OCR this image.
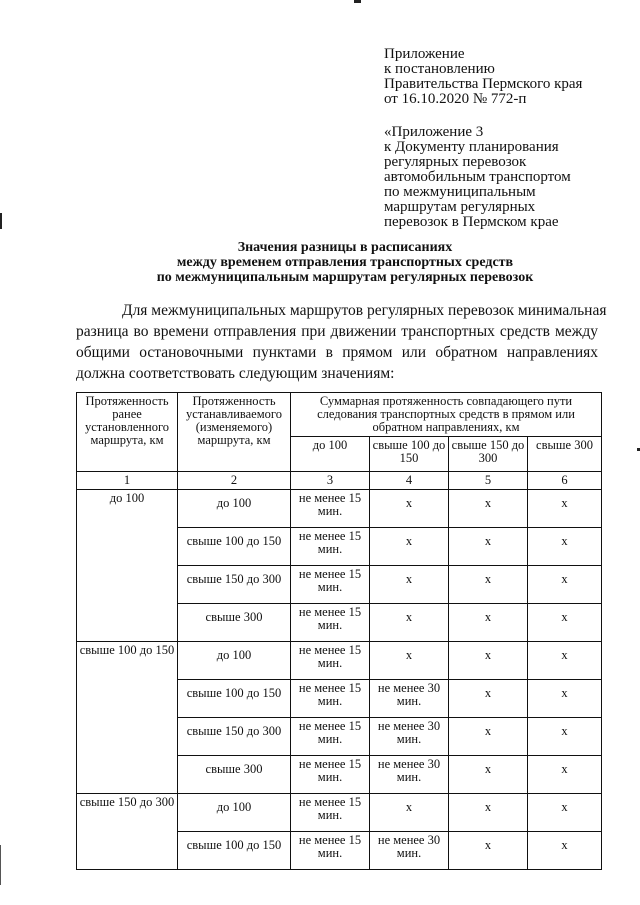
Приложение
к постановлению
Правительства Пермского края
от 16.10.2020 № 772-п
«Приложение 3
к Документу планирования
регулярных перевозок
автомобильным транспортом
по межмуниципальным
маршрутам регулярных
перевозок в Пермском крае
Значения разницы в расписаниях
между временем отправления транспортных средств
по межмуниципальным маршрутам регулярных перевозок
Для межмуниципальных маршрутов регулярных перевозок минимальная
разница во времени отправления при движении транспортных средств между
общими остановочными пунктами в прямом или обратном направлениях
должна соответствовать следующим значениям:
Протяженность ранее установленного маршрута, км	Протяженность устанавливаемого (изменяемого) маршрута, км	Суммарная протяженность совпадающего пути следования транспортных средств в прямом или обратном направлениях, км			
		до 100	свыше 100 до 150	свыше 150 до 300	свыше 300
1	2	3	4	5	6
до 100	до 100	не менее 15 мин.	x	x	x
	свыше 100 до 150	не менее 15 мин.	x	x	x
	свыше 150 до 300	не менее 15 мин.	x	x	x
	свыше 300	не менее 15 мин.	x	x	x
свыше 100 до 150	до 100	не менее 15 мин.	x	x	x
	свыше 100 до 150	не менее 15 мин.	не менее 30 мин.	x	x
	свыше 150 до 300	не менее 15 мин.	не менее 30 мин.	x	x
	свыше 300	не менее 15 мин.	не менее 30 мин.	x	x
свыше 150 до 300	до 100	не менее 15 мин.	x	x	x
	свыше 100 до 150	не менее 15 мин.	не менее 30 мин.	x	x
